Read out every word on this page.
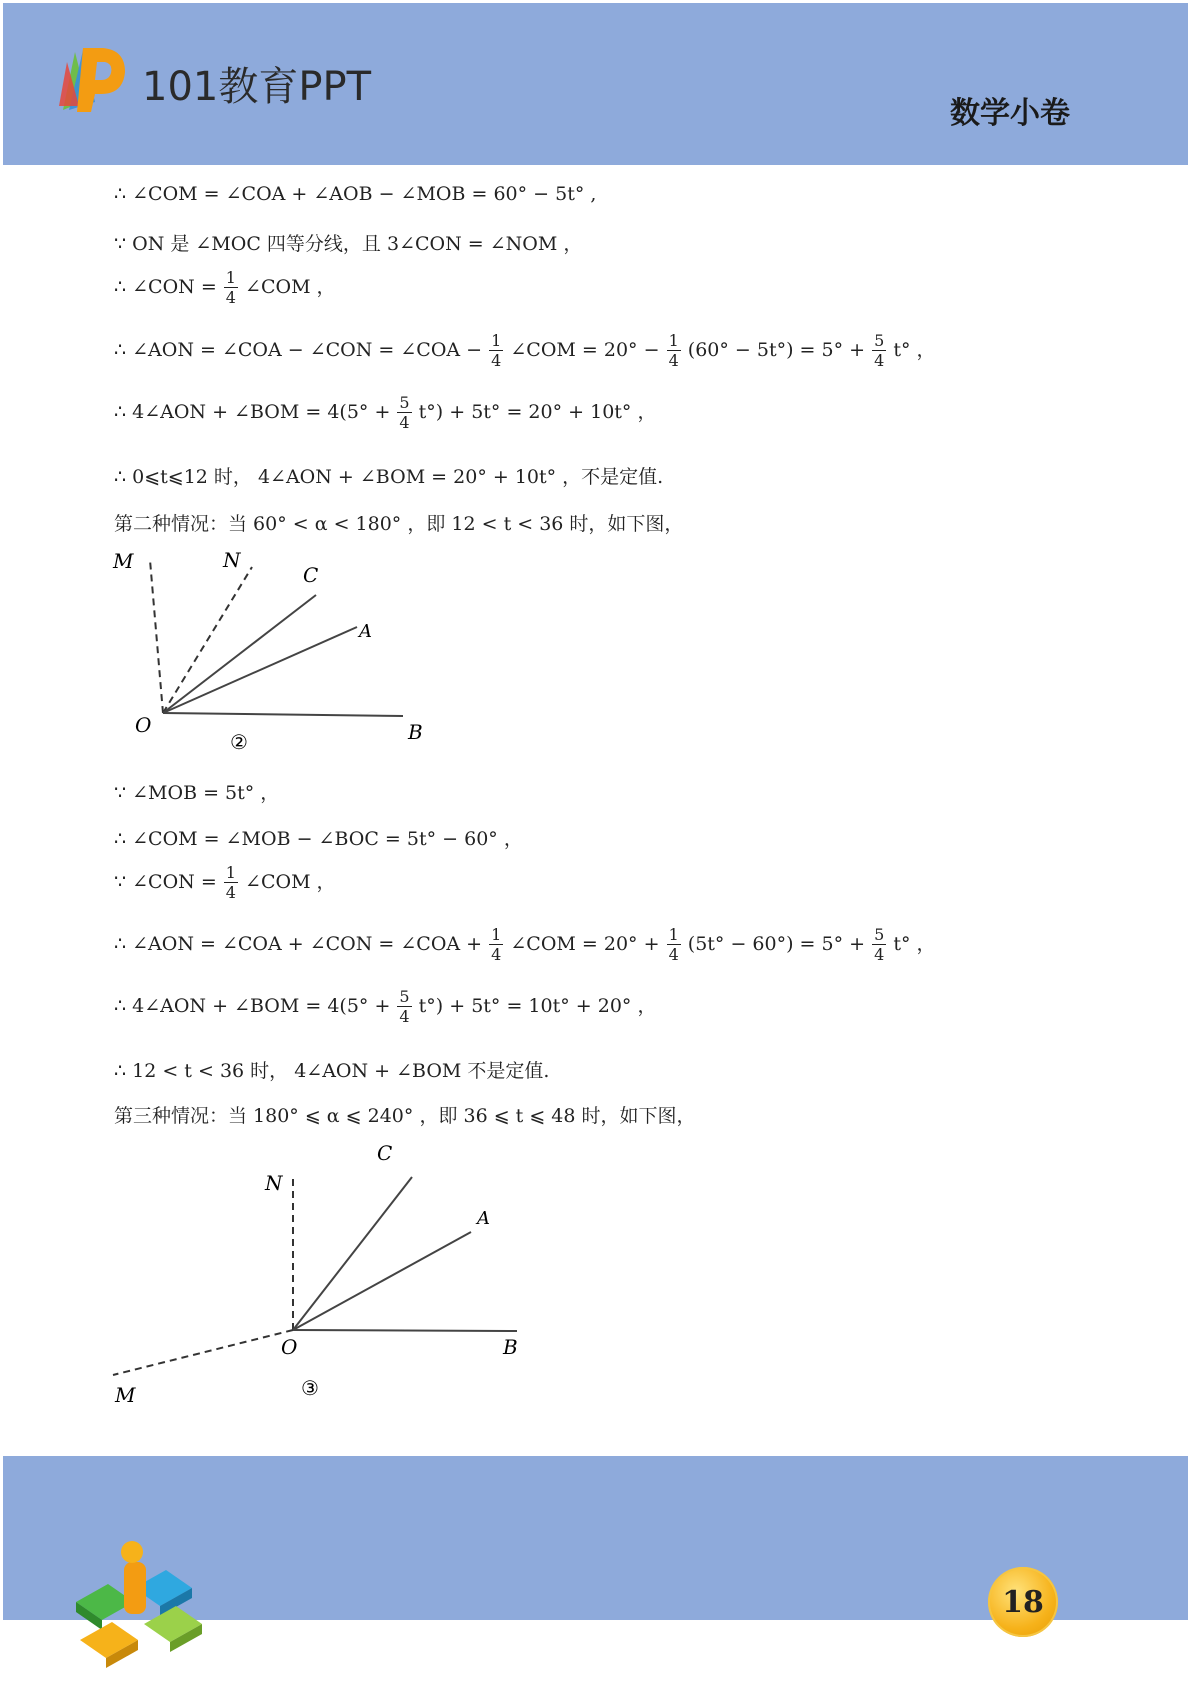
101教育PPT
数学小卷
∴ ∠COM = ∠COA + ∠AOB − ∠MOB = 60° − 5t° ,
∵ ON 是 ∠MOC 四等分线，且 3∠CON = ∠NOM ，
∴ ∠CON = $\frac{1}{4}$ ∠COM ，
∴ ∠AON = ∠COA − ∠CON = ∠COA − $\frac{1}{4}$ ∠COM = $20^\circ - \frac{1}{4} (60^\circ - 5t^\circ) = 5^\circ + \frac{5}{4} t^\circ$ ，
∴ 4∠AON + ∠BOM = $4(5^\circ + \frac{5}{4} t^\circ) + 5t^\circ = 20^\circ + 10t^\circ$ ，
∴ 0⩽t⩽12 时， 4∠AON + ∠BOM = 20° + 10t° ，不是定值.
第二种情况：当 60° < α < 180° ，即 12 < t < 36 时，如下图，
M	N
C
A
O	B
②
∵ ∠MOB = 5t° ，
∴ ∠COM = ∠MOB − ∠BOC = 5t° − 60° ，
∵ ∠CON = $\frac{1}{4}$ ∠COM ，
∴ ∠AON = ∠COA + ∠CON = ∠COA + $\frac{1}{4}$ ∠COM = $20^\circ + \frac{1}{4} (5t^\circ - 60^\circ) = 5^\circ + \frac{5}{4} t^\circ$ ，
∴ 4∠AON + ∠BOM = $4(5^\circ + \frac{5}{4} t^\circ) + 5t^\circ = 10t^\circ + 20^\circ$ ，
∴ 12 < t < 36 时， 4∠AON + ∠BOM 不是定值.
第三种情况：当 180° ⩽ α ⩽ 240° ，即 36 ⩽ t ⩽ 48 时，如下图，
N
C
A
O	B
M	③
18
